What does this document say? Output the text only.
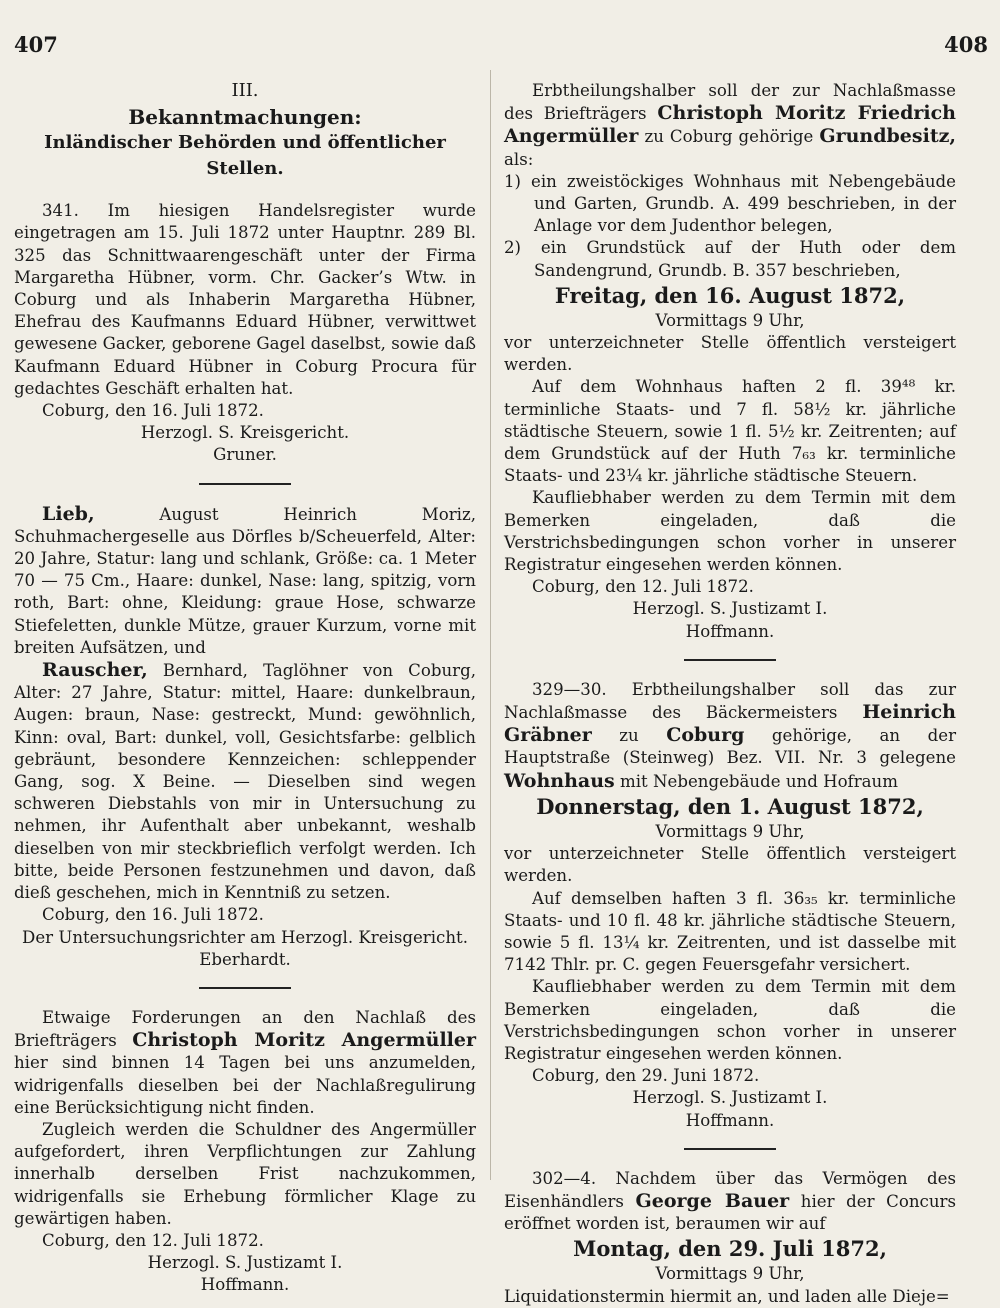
407	408
III.
Bekanntmachungen:
Inländischer Behörden und öffentlicher Stellen.

341. Im hiesigen Handelsregister wurde eingetragen am 15. Juli 1872 unter Hauptnr. 289 Bl. 325 das Schnittwaarengeschäft unter der Firma Margaretha Hübner, vorm. Chr. Gacker’s Wtw. in Coburg und als Inhaberin Margaretha Hübner, Ehefrau des Kaufmanns Eduard Hübner, verwittwet gewesene Gacker, geborene Gagel daselbst, sowie daß Kaufmann Eduard Hübner in Coburg Procura für gedachtes Geschäft erhalten hat.

Coburg, den 16. Juli 1872.

Herzogl. S. Kreisgericht.

Gruner.

Lieb, August Heinrich Moriz, Schuhmachergeselle aus Dörfles b/Scheuerfeld, Alter: 20 Jahre, Statur: lang und schlank, Größe: ca. 1 Meter 70 — 75 Cm., Haare: dunkel, Nase: lang, spitzig, vorn roth, Bart: ohne, Kleidung: graue Hose, schwarze Stiefeletten, dunkle Mütze, grauer Kurzum, vorne mit breiten Aufsätzen, und

Rauscher, Bernhard, Taglöhner von Coburg, Alter: 27 Jahre, Statur: mittel, Haare: dunkelbraun, Augen: braun, Nase: gestreckt, Mund: gewöhnlich, Kinn: oval, Bart: dunkel, voll, Gesichtsfarbe: gelblich gebräunt, besondere Kennzeichen: schleppender Gang, sog. X Beine. — Dieselben sind wegen schweren Diebstahls von mir in Untersuchung zu nehmen, ihr Aufenthalt aber unbekannt, weshalb dieselben von mir steckbrieflich verfolgt werden. Ich bitte, beide Personen festzunehmen und davon, daß dieß geschehen, mich in Kenntniß zu setzen.

Coburg, den 16. Juli 1872.

Der Untersuchungsrichter am Herzogl. Kreisgericht.

Eberhardt.

Etwaige Forderungen an den Nachlaß des Briefträgers Christoph Moritz Angermüller hier sind binnen 14 Tagen bei uns anzumelden, widrigenfalls dieselben bei der Nachlaßregulirung eine Berücksichtigung nicht finden.

Zugleich werden die Schuldner des Angermüller aufgefordert, ihren Verpflichtungen zur Zahlung innerhalb derselben Frist nachzukommen, widrigenfalls sie Erhebung förmlicher Klage zu gewärtigen haben.

Coburg, den 12. Juli 1872.

Herzogl. S. Justizamt I.

Hoffmann.

Erbtheilungshalber soll der zur Nachlaßmasse des Briefträgers Christoph Moritz Friedrich Angermüller zu Coburg gehörige Grundbesitz, als:

1) ein zweistöckiges Wohnhaus mit Nebengebäude und Garten, Grundb. A. 499 beschrieben, in der Anlage vor dem Judenthor belegen,

2) ein Grundstück auf der Huth oder dem Sandengrund, Grundb. B. 357 beschrieben,

Freitag, den 16. August 1872,

Vormittags 9 Uhr,

vor unterzeichneter Stelle öffentlich versteigert werden.

Auf dem Wohnhaus haften 2 fl. 39⁴⁸ kr. terminliche Staats- und 7 fl. 58½ kr. jährliche städtische Steuern, sowie 1 fl. 5½ kr. Zeitrenten; auf dem Grundstück auf der Huth 7₆₃ kr. terminliche Staats- und 23¼ kr. jährliche städtische Steuern.

Kaufliebhaber werden zu dem Termin mit dem Bemerken eingeladen, daß die Verstrichsbedingungen schon vorher in unserer Registratur eingesehen werden können.

Coburg, den 12. Juli 1872.

Herzogl. S. Justizamt I.

Hoffmann.

329—30. Erbtheilungshalber soll das zur Nachlaßmasse des Bäckermeisters Heinrich Gräbner zu Coburg gehörige, an der Hauptstraße (Steinweg) Bez. VII. Nr. 3 gelegene Wohnhaus mit Nebengebäude und Hofraum

Donnerstag, den 1. August 1872,

Vormittags 9 Uhr,

vor unterzeichneter Stelle öffentlich versteigert werden.

Auf demselben haften 3 fl. 36₃₅ kr. terminliche Staats- und 10 fl. 48 kr. jährliche städtische Steuern, sowie 5 fl. 13¼ kr. Zeitrenten, und ist dasselbe mit 7142 Thlr. pr. C. gegen Feuersgefahr versichert.

Kaufliebhaber werden zu dem Termin mit dem Bemerken eingeladen, daß die Verstrichsbedingungen schon vorher in unserer Registratur eingesehen werden können.

Coburg, den 29. Juni 1872.

Herzogl. S. Justizamt I.

Hoffmann.

302—4. Nachdem über das Vermögen des Eisenhändlers George Bauer hier der Concurs eröffnet worden ist, beraumen wir auf

Montag, den 29. Juli 1872,

Vormittags 9 Uhr,

Liquidationstermin hiermit an, und laden alle Dieje=
